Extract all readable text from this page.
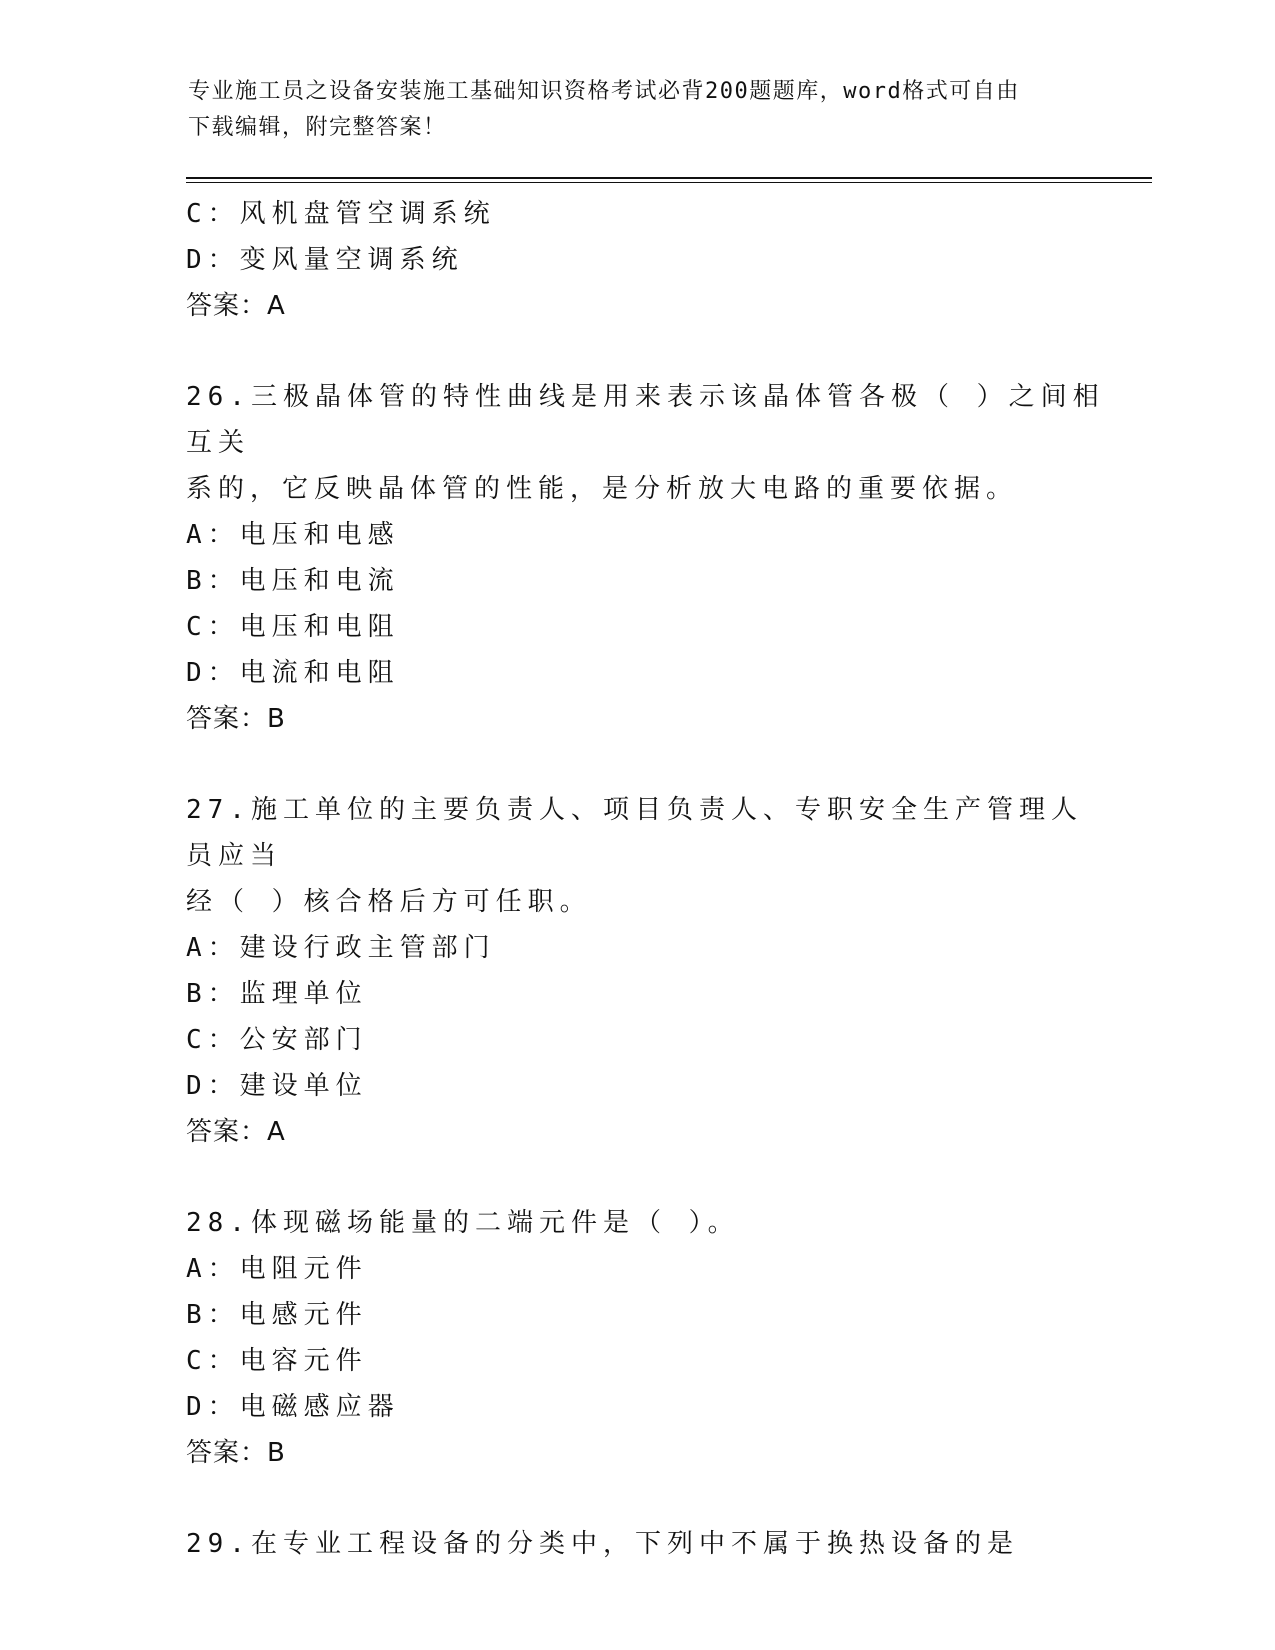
专业施工员之设备安装施工基础知识资格考试必背200题题库，word格式可自由
下载编辑，附完整答案！

C：风机盘管空调系统

D：变风量空调系统

答案：A

26.三极晶体管的特性曲线是用来表示该晶体管各极（ ）之间相互关

系的，它反映晶体管的性能，是分析放大电路的重要依据。

A：电压和电感

B：电压和电流

C：电压和电阻

D：电流和电阻

答案：B

27.施工单位的主要负责人、项目负责人、专职安全生产管理人员应当

经（ ）核合格后方可任职。

A：建设行政主管部门

B：监理单位

C：公安部门

D：建设单位

答案：A

28.体现磁场能量的二端元件是（ ）。

A：电阻元件

B：电感元件

C：电容元件

D：电磁感应器

答案：B

29.在专业工程设备的分类中，下列中不属于换热设备的是
